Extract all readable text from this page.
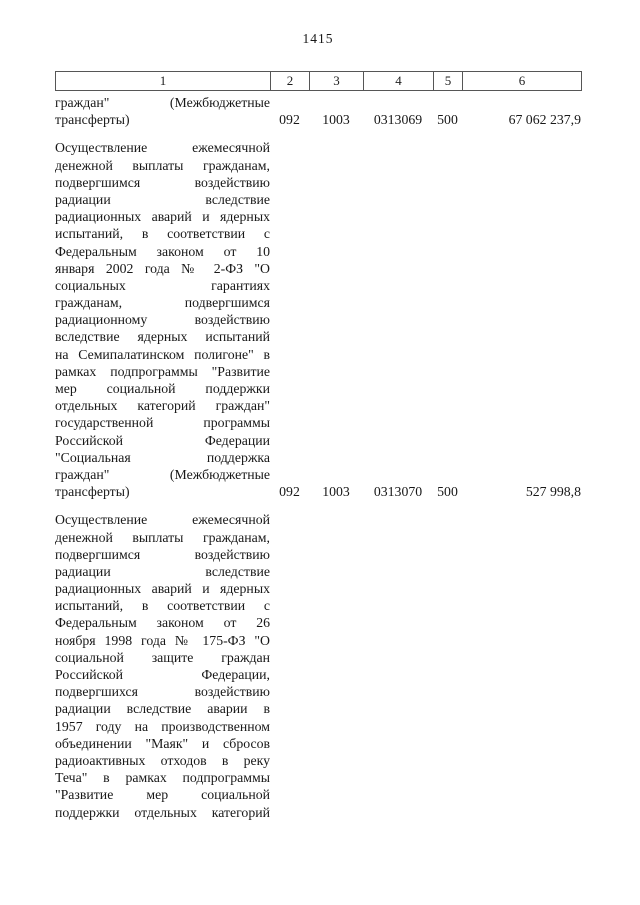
1415
1	2	3	4	5	6
граждан" (Межбюджетные
трансферты)	092	1003	0313069	500	67 062 237,9
Осуществление ежемесячной
денежной выплаты гражданам,
подвергшимся воздействию
радиации вследствие
радиационных аварий и ядерных
испытаний, в соответствии с
Федеральным законом от 10
января 2002 года № 2-ФЗ "О
социальных гарантиях
гражданам, подвергшимся
радиационному воздействию
вследствие ядерных испытаний
на Семипалатинском полигоне" в
рамках подпрограммы "Развитие
мер социальной поддержки
отдельных категорий граждан"
государственной программы
Российской Федерации
"Социальная поддержка
граждан" (Межбюджетные
трансферты)	092	1003	0313070	500	527 998,8
Осуществление ежемесячной
денежной выплаты гражданам,
подвергшимся воздействию
радиации вследствие
радиационных аварий и ядерных
испытаний, в соответствии с
Федеральным законом от 26
ноября 1998 года № 175-ФЗ "О
социальной защите граждан
Российской Федерации,
подвергшихся воздействию
радиации вследствие аварии в
1957 году на производственном
объединении "Маяк" и сбросов
радиоактивных отходов в реку
Теча" в рамках подпрограммы
"Развитие мер социальной
поддержки отдельных категорий
